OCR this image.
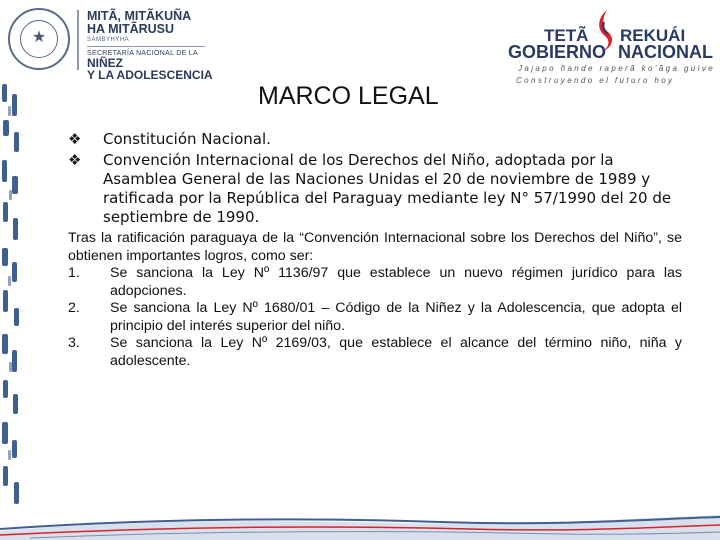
★
MITÃ, MITÃKUÑA
HA MITÃRUSU
SAMBYHYHA
SECRETARÍA NACIONAL DE LA
NIÑEZ
Y LA ADOLESCENCIA
TETÃ REKUÁI
GOBIERNO NACIONAL
Jajapo ñande raperã ko'ãga guive
Construyendo el futuro hoy
MARCO LEGAL
❖	Constitución Nacional.
❖	Convención Internacional de los Derechos del Niño, adoptada por la Asamblea General de las Naciones Unidas el 20 de noviembre de 1989 y ratificada por la República del Paraguay mediante ley N° 57/1990 del 20 de septiembre de 1990.
Tras la ratificación paraguaya de la “Convención Internacional sobre los Derechos del Niño”, se obtienen importantes logros, como ser:
1.	Se sanciona la Ley Nº 1136/97 que establece un nuevo régimen jurídico para las adopciones.
2.	Se sanciona la Ley Nº 1680/01 – Código de la Niñez y la Adolescencia, que adopta el principio del interés superior del niño.
3.	Se sanciona la Ley Nº 2169/03, que establece el alcance del término niño, niña y adolescente.
